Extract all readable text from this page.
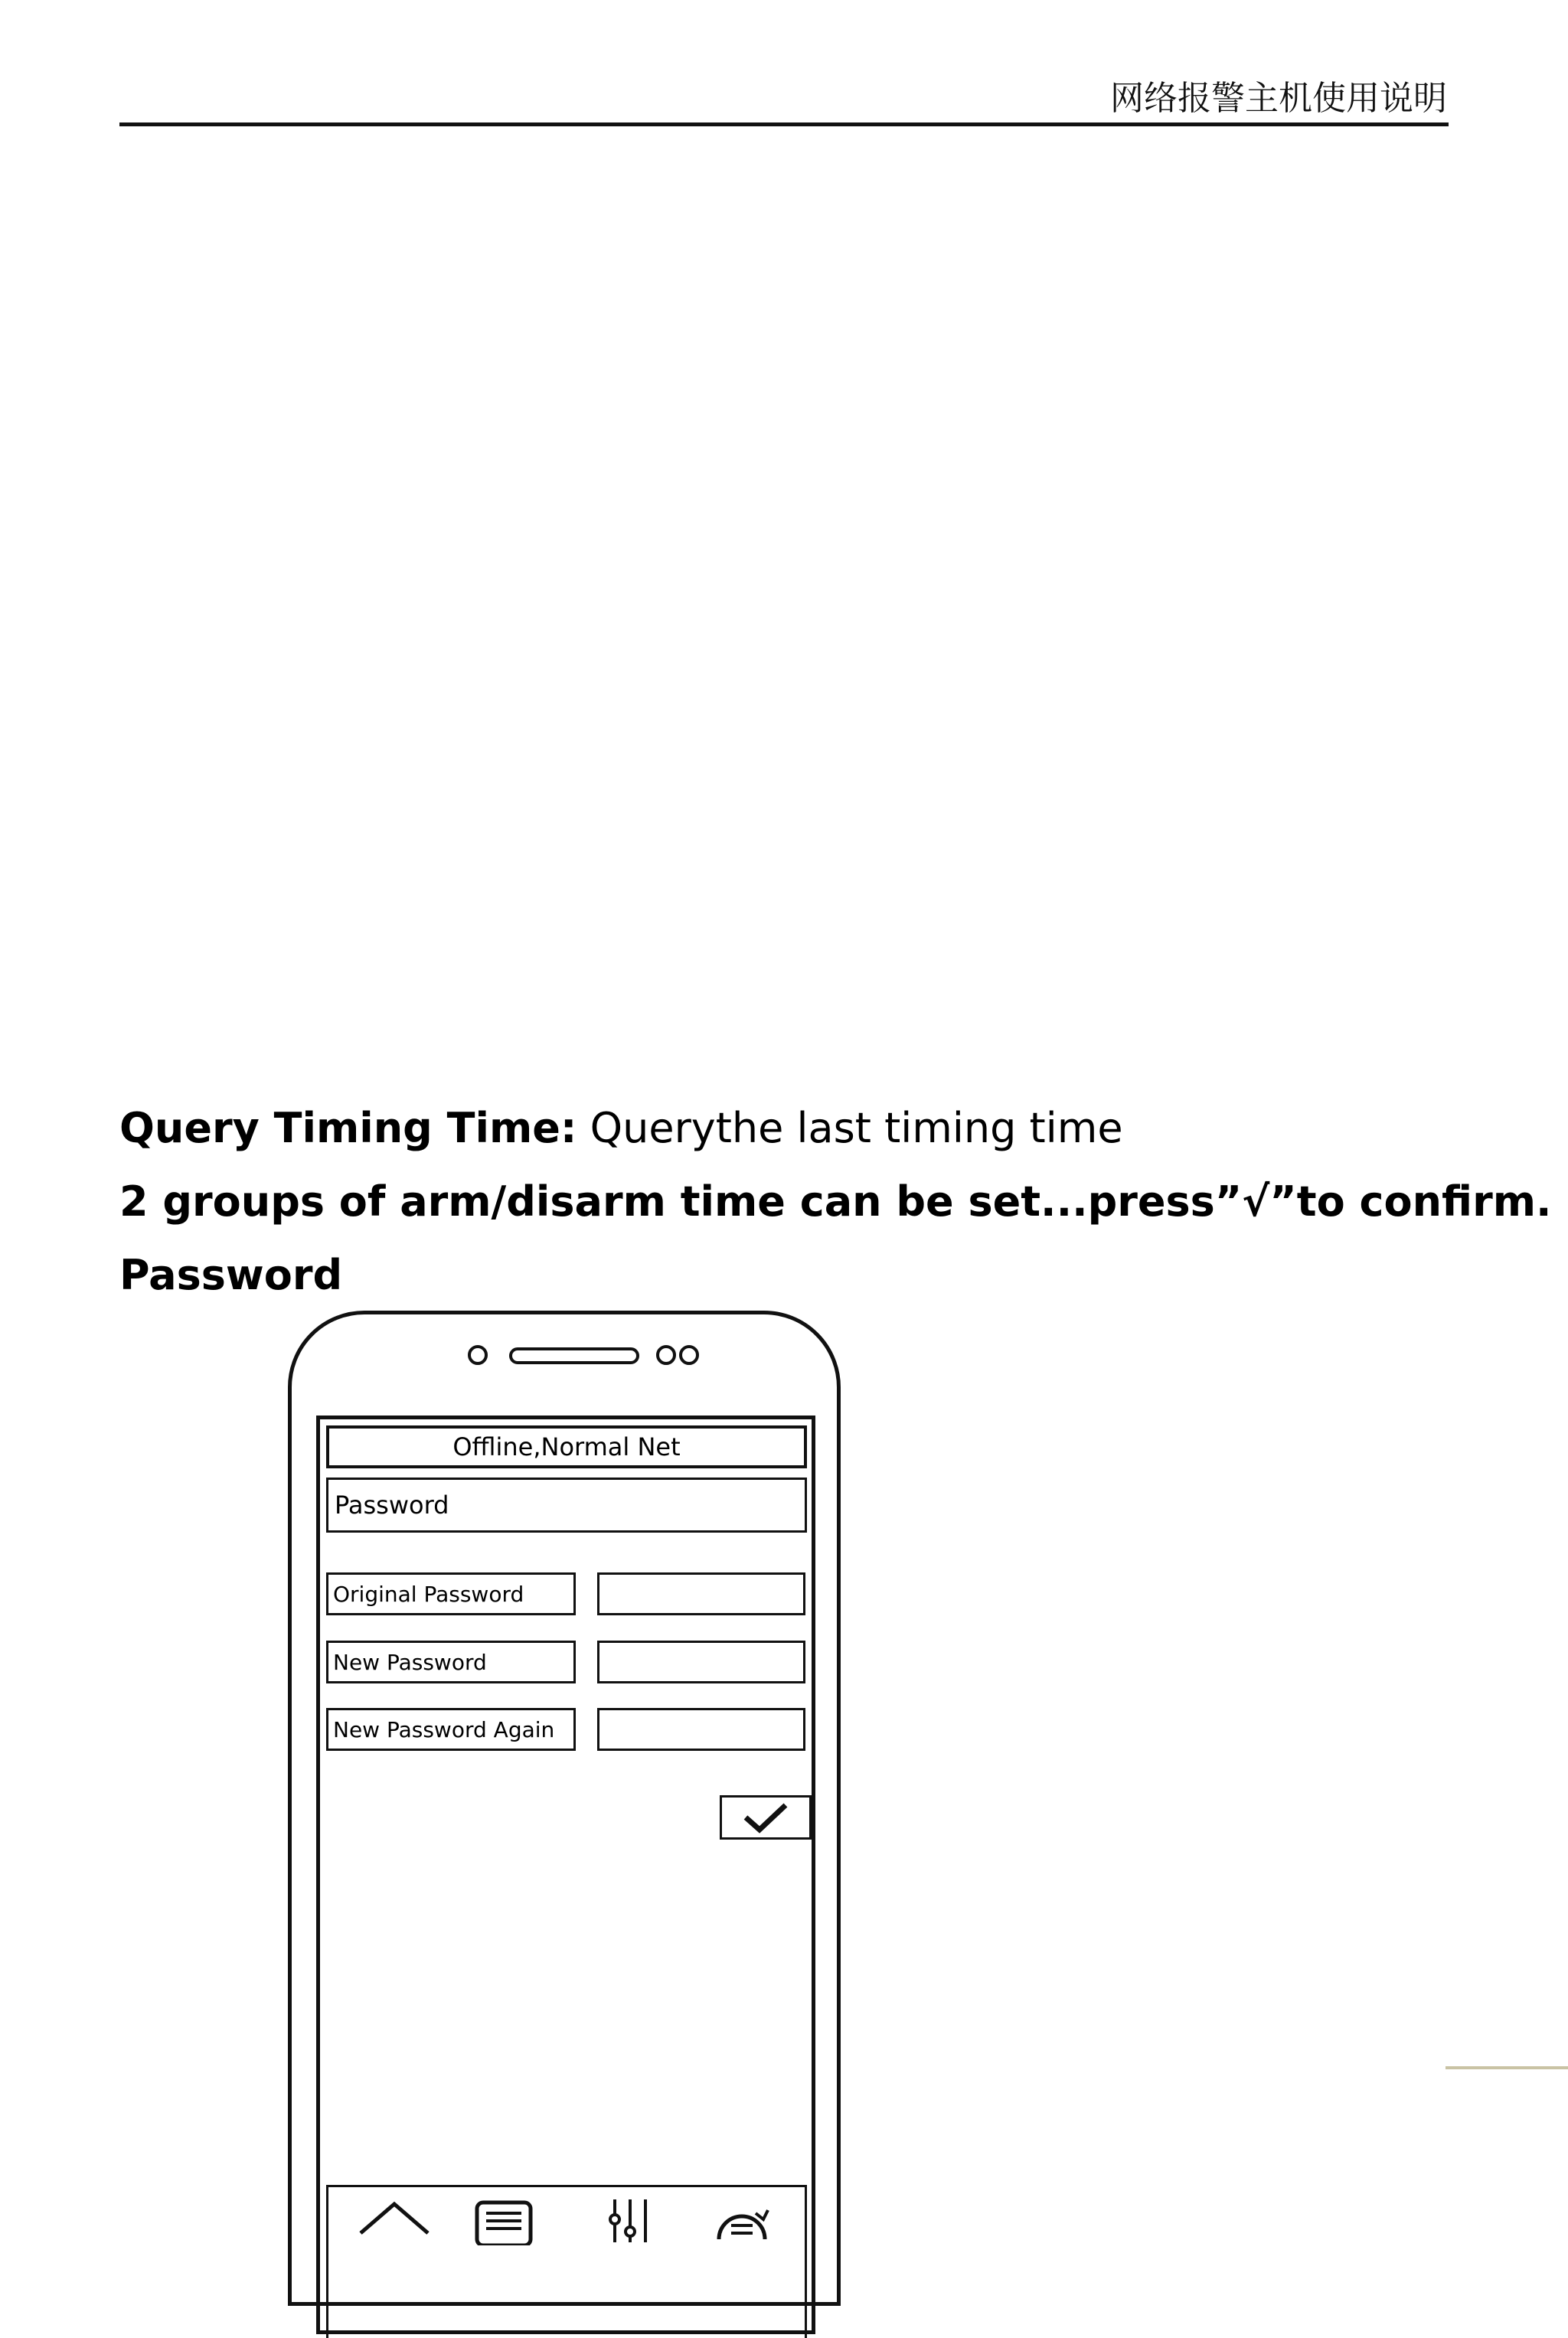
网络报警主机使用说明
Query Timing Time: Querythe last timing time
2 groups of arm/disarm time can be set...press”√”to confirm.
Password
Offline,Normal Net
Password
Original Password
New Password
New Password Again
